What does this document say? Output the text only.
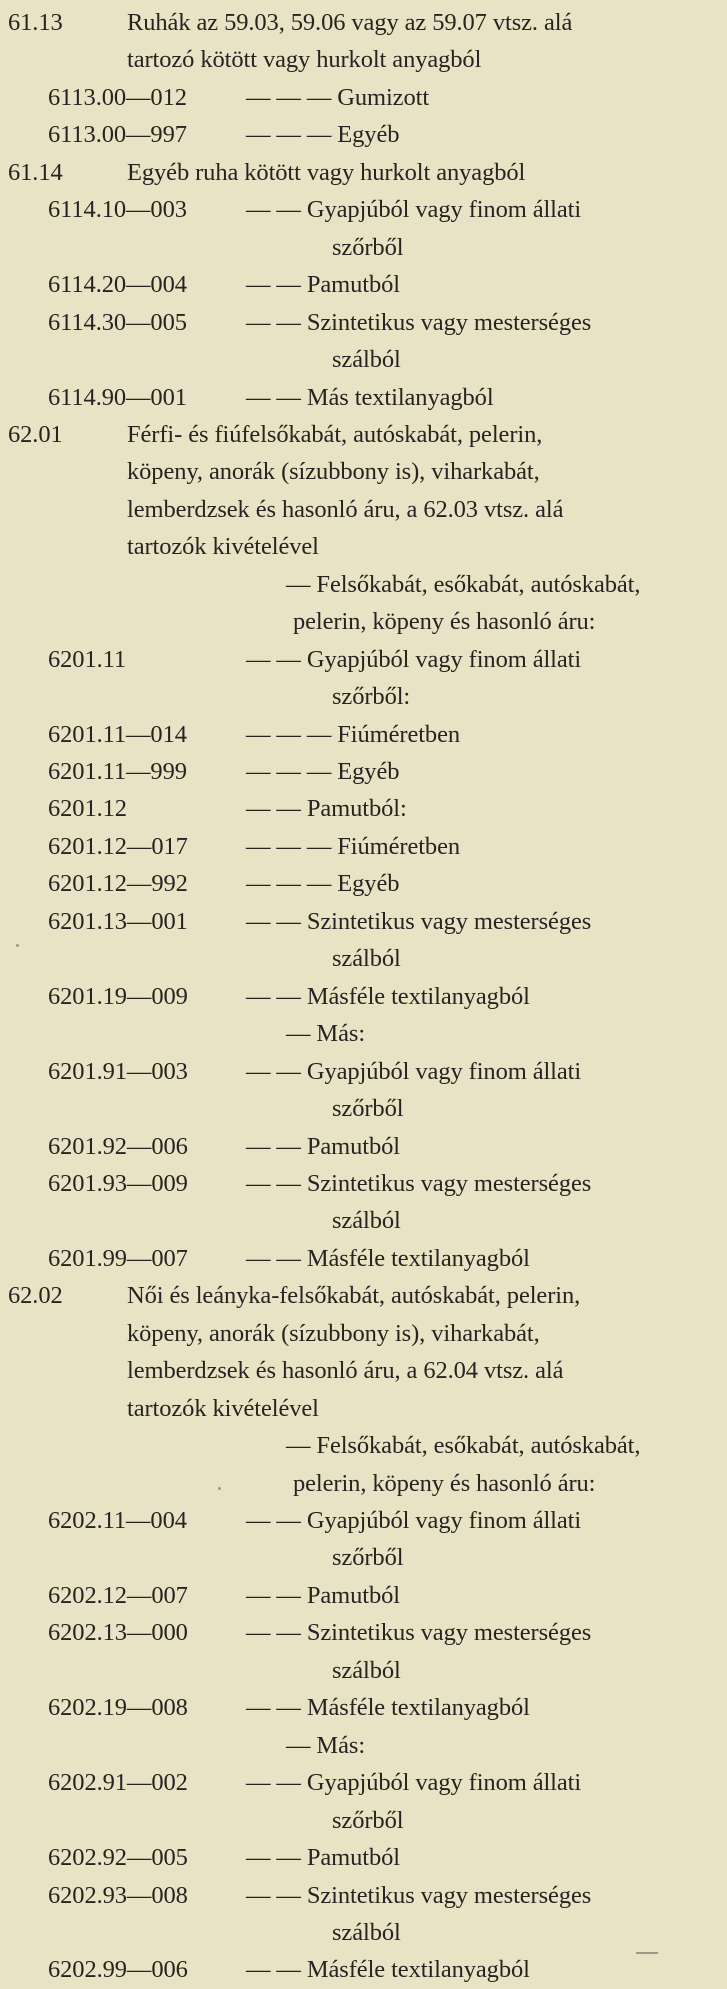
61.13	Ruhák az 59.03, 59.06 vagy az 59.07 vtsz. alá
tartozó kötött vagy hurkolt anyagból
6113.00—012 — — — Gumizott
6113.00—997 — — — Egyéb
61.14	Egyéb ruha kötött vagy hurkolt anyagból
6114.10—003 — — Gyapjúból vagy finom állati
szőrből
6114.20—004 — — Pamutból
6114.30—005 — — Szintetikus vagy mesterséges
szálból
6114.90—001 — — Más textilanyagból
62.01	Férfi- és fiúfelsőkabát, autóskabát, pelerin,
köpeny, anorák (sízubbony is), viharkabát,
lemberdzsek és hasonló áru, a 62.03 vtsz. alá
tartozók kivételével
— Felsőkabát, esőkabát, autóskabát,
pelerin, köpeny és hasonló áru:
6201.11	— — Gyapjúból vagy finom állati
szőrből:
6201.11—014 — — — Fiúméretben
6201.11—999 — — — Egyéb
6201.12	— — Pamutból:
6201.12—017 — — — Fiúméretben
6201.12—992 — — — Egyéb
6201.13—001 — — Szintetikus vagy mesterséges
szálból
6201.19—009 — — Másféle textilanyagból
— Más:
6201.91—003 — — Gyapjúból vagy finom állati
szőrből
6201.92—006 — — Pamutból
6201.93—009 — — Szintetikus vagy mesterséges
szálból
6201.99—007 — — Másféle textilanyagból
62.02	Női és leányka-felsőkabát, autóskabát, pelerin,
köpeny, anorák (sízubbony is), viharkabát,
lemberdzsek és hasonló áru, a 62.04 vtsz. alá
tartozók kivételével
— Felsőkabát, esőkabát, autóskabát,
pelerin, köpeny és hasonló áru:
6202.11—004 — — Gyapjúból vagy finom állati
szőrből
6202.12—007 — — Pamutból
6202.13—000 — — Szintetikus vagy mesterséges
szálból
6202.19—008 — — Másféle textilanyagból
— Más:
6202.91—002 — — Gyapjúból vagy finom állati
szőrből
6202.92—005 — — Pamutból
6202.93—008 — — Szintetikus vagy mesterséges
szálból
6202.99—006 — — Másféle textilanyagból
